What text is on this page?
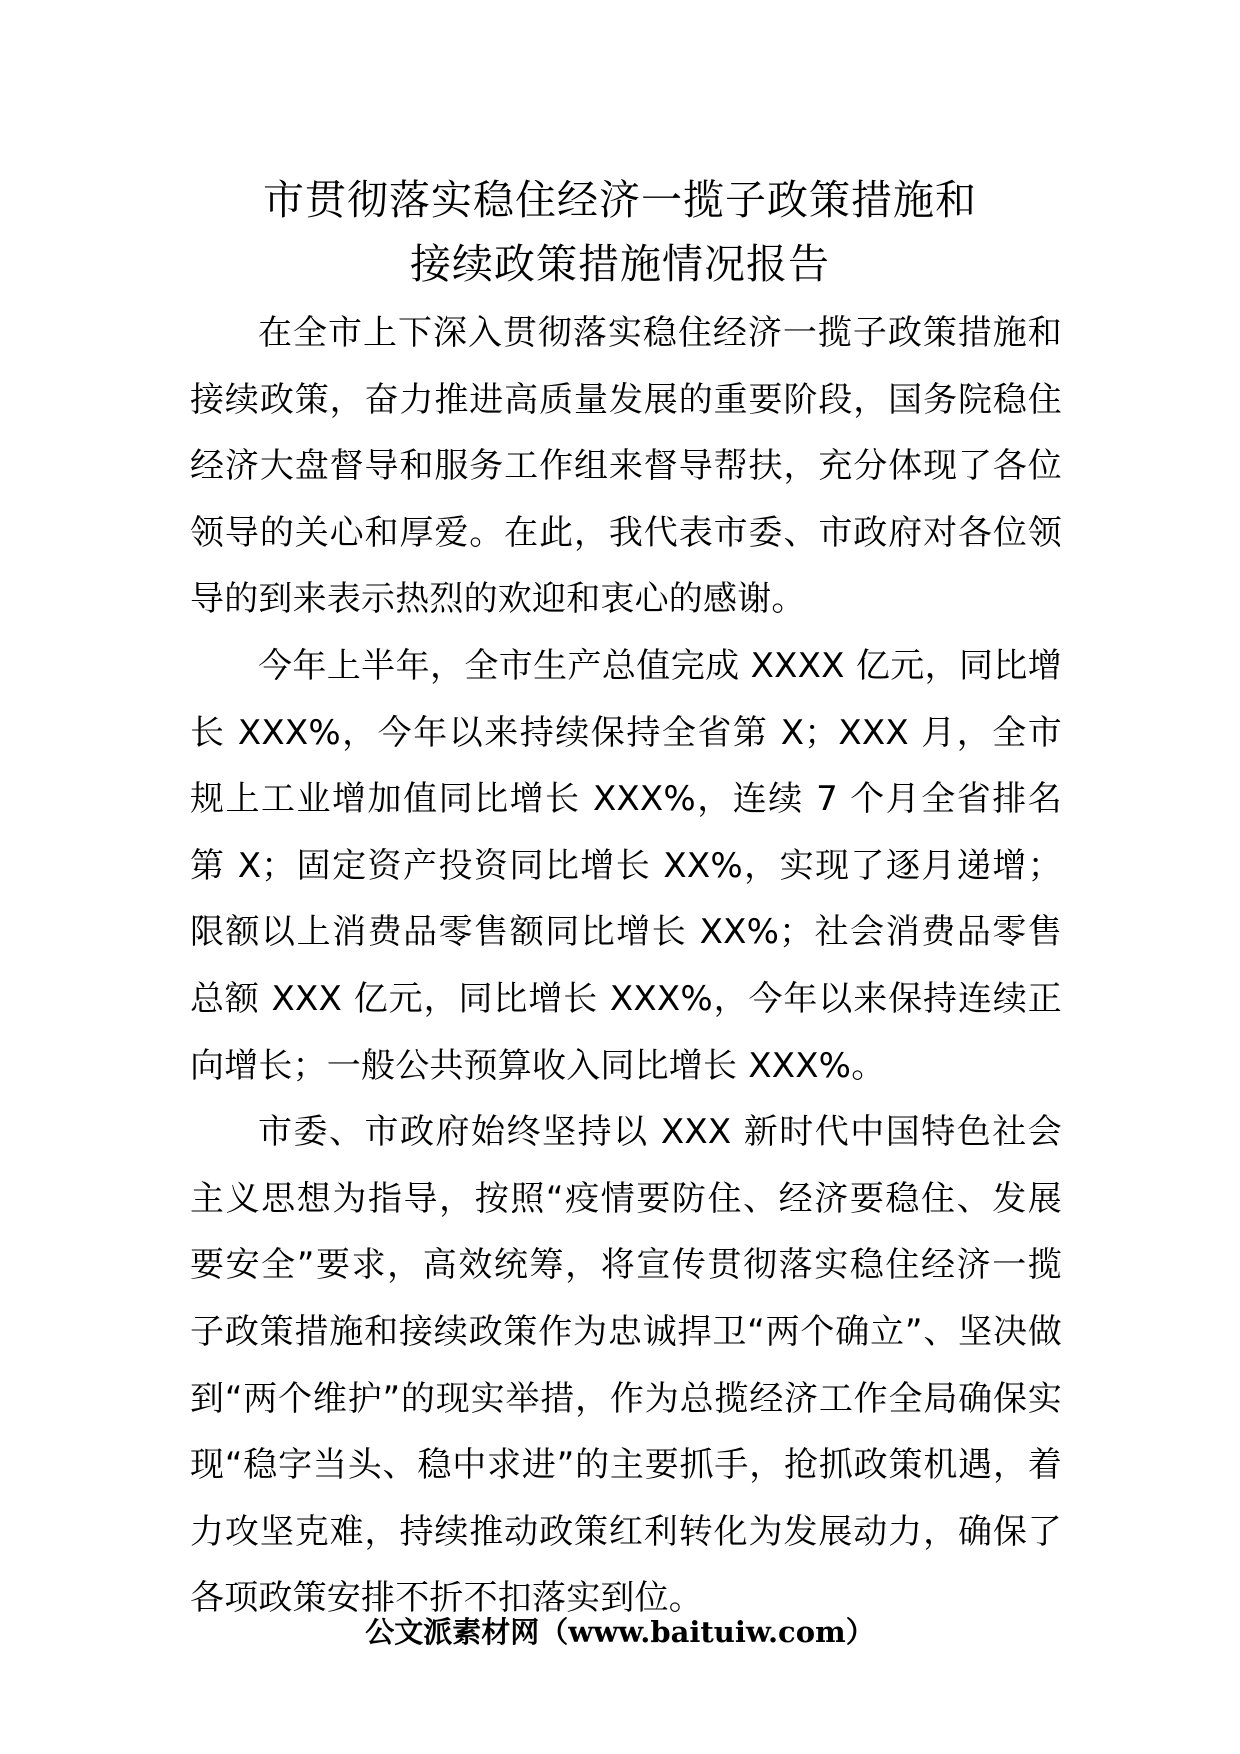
市贯彻落实稳住经济一揽子政策措施和
接续政策措施情况报告

在全市上下深入贯彻落实稳住经济一揽子政策措施和接续政策，奋力推进高质量发展的重要阶段，国务院稳住经济大盘督导和服务工作组来督导帮扶，充分体现了各位领导的关心和厚爱。在此，我代表市委、市政府对各位领导的到来表示热烈的欢迎和衷心的感谢。

今年上半年，全市生产总值完成 XXXX 亿元，同比增长 XXX%，今年以来持续保持全省第 X；XXX 月，全市规上工业增加值同比增长 XXX%，连续 7 个月全省排名第 X；固定资产投资同比增长 XX%，实现了逐月递增；限额以上消费品零售额同比增长 XX%；社会消费品零售总额 XXX 亿元，同比增长 XXX%，今年以来保持连续正向增长；一般公共预算收入同比增长 XXX%。

市委、市政府始终坚持以 XXX 新时代中国特色社会主义思想为指导，按照“疫情要防住、经济要稳住、发展要安全”要求，高效统筹，将宣传贯彻落实稳住经济一揽子政策措施和接续政策作为忠诚捍卫“两个确立”、坚决做到“两个维护”的现实举措，作为总揽经济工作全局确保实现“稳字当头、稳中求进”的主要抓手，抢抓政策机遇，着力攻坚克难，持续推动政策红利转化为发展动力，确保了各项政策安排不折不扣落实到位。

公文派素材网（www.baituiw.com）
